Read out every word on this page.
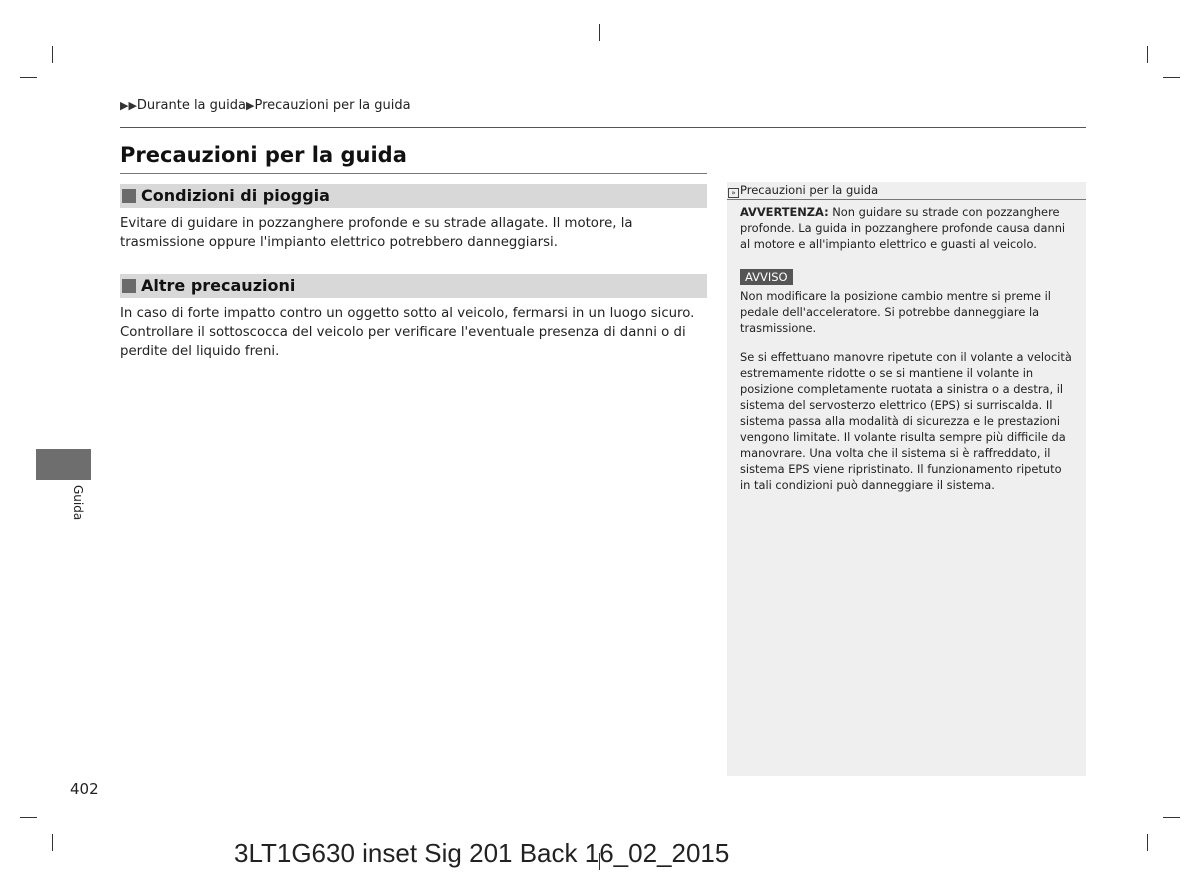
▶▶Durante la guida▶Precauzioni per la guida
Precauzioni per la guida
Condizioni di pioggia
Evitare di guidare in pozzanghere profonde e su strade allagate. Il motore, la trasmissione oppure l'impianto elettrico potrebbero danneggiarsi.
Altre precauzioni
In caso di forte impatto contro un oggetto sotto al veicolo, fermarsi in un luogo sicuro. Controllare il sottoscocca del veicolo per verificare l'eventuale presenza di danni o di perdite del liquido freni.
» Precauzioni per la guida
AVVERTENZA: Non guidare su strade con pozzanghere profonde. La guida in pozzanghere profonde causa danni al motore e all'impianto elettrico e guasti al veicolo.
AVVISO
Non modificare la posizione cambio mentre si preme il pedale dell'acceleratore. Si potrebbe danneggiare la trasmissione.
Se si effettuano manovre ripetute con il volante a velocità estremamente ridotte o se si mantiene il volante in posizione completamente ruotata a sinistra o a destra, il sistema del servosterzo elettrico (EPS) si surriscalda. Il sistema passa alla modalità di sicurezza e le prestazioni vengono limitate. Il volante risulta sempre più difficile da manovrare. Una volta che il sistema si è raffreddato, il sistema EPS viene ripristinato. Il funzionamento ripetuto in tali condizioni può danneggiare il sistema.
Guida
402
3LT1G630 inset Sig 201 Back 16_02_2015
